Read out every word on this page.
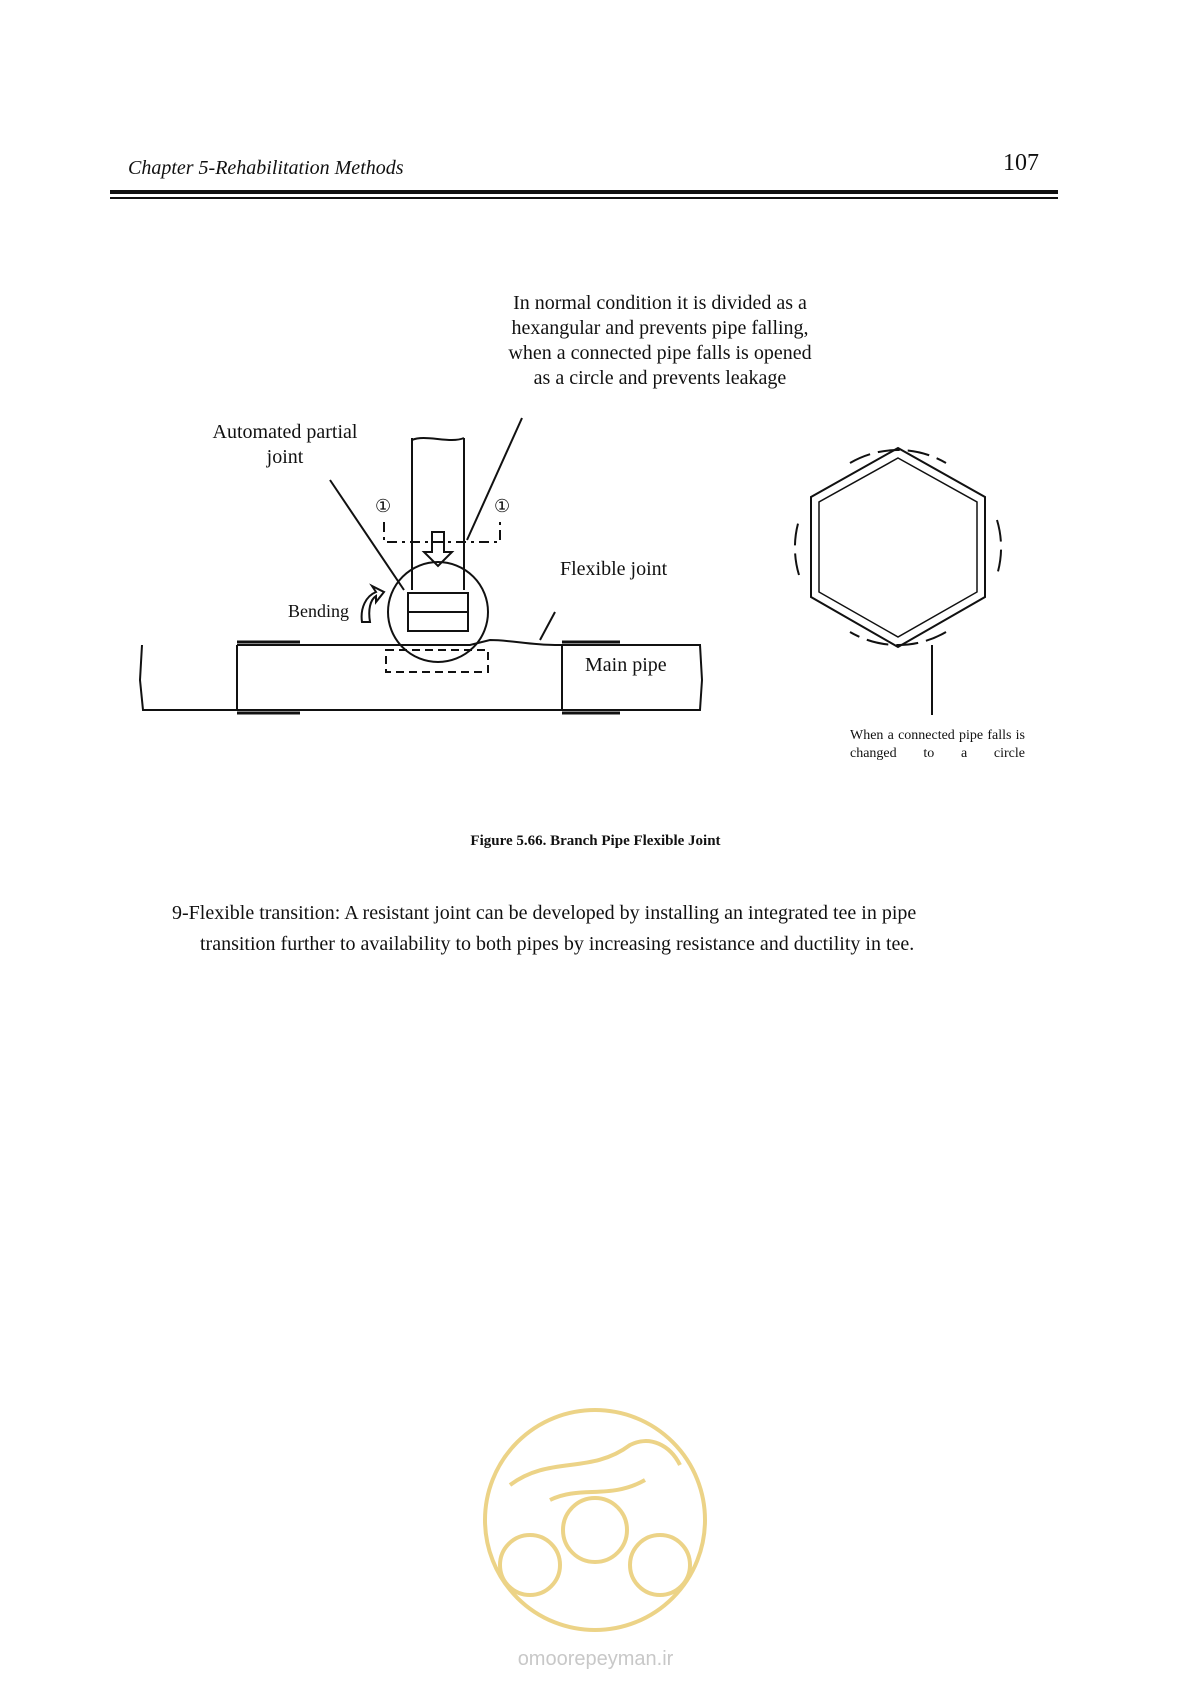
Chapter 5-Rehabilitation Methods	107
①	①
In normal condition it is divided as a hexangular and prevents pipe falling, when a connected pipe falls is opened as a circle and prevents leakage
Automated partial joint
Flexible joint
Bending
Main pipe
When a connected pipe falls is changed to a circle
Figure 5.66. Branch Pipe Flexible Joint
9-Flexible transition: A resistant joint can be developed by installing an integrated tee in pipe
transition further to availability to both pipes by increasing resistance and ductility in tee.
omoorepeyman.ir
